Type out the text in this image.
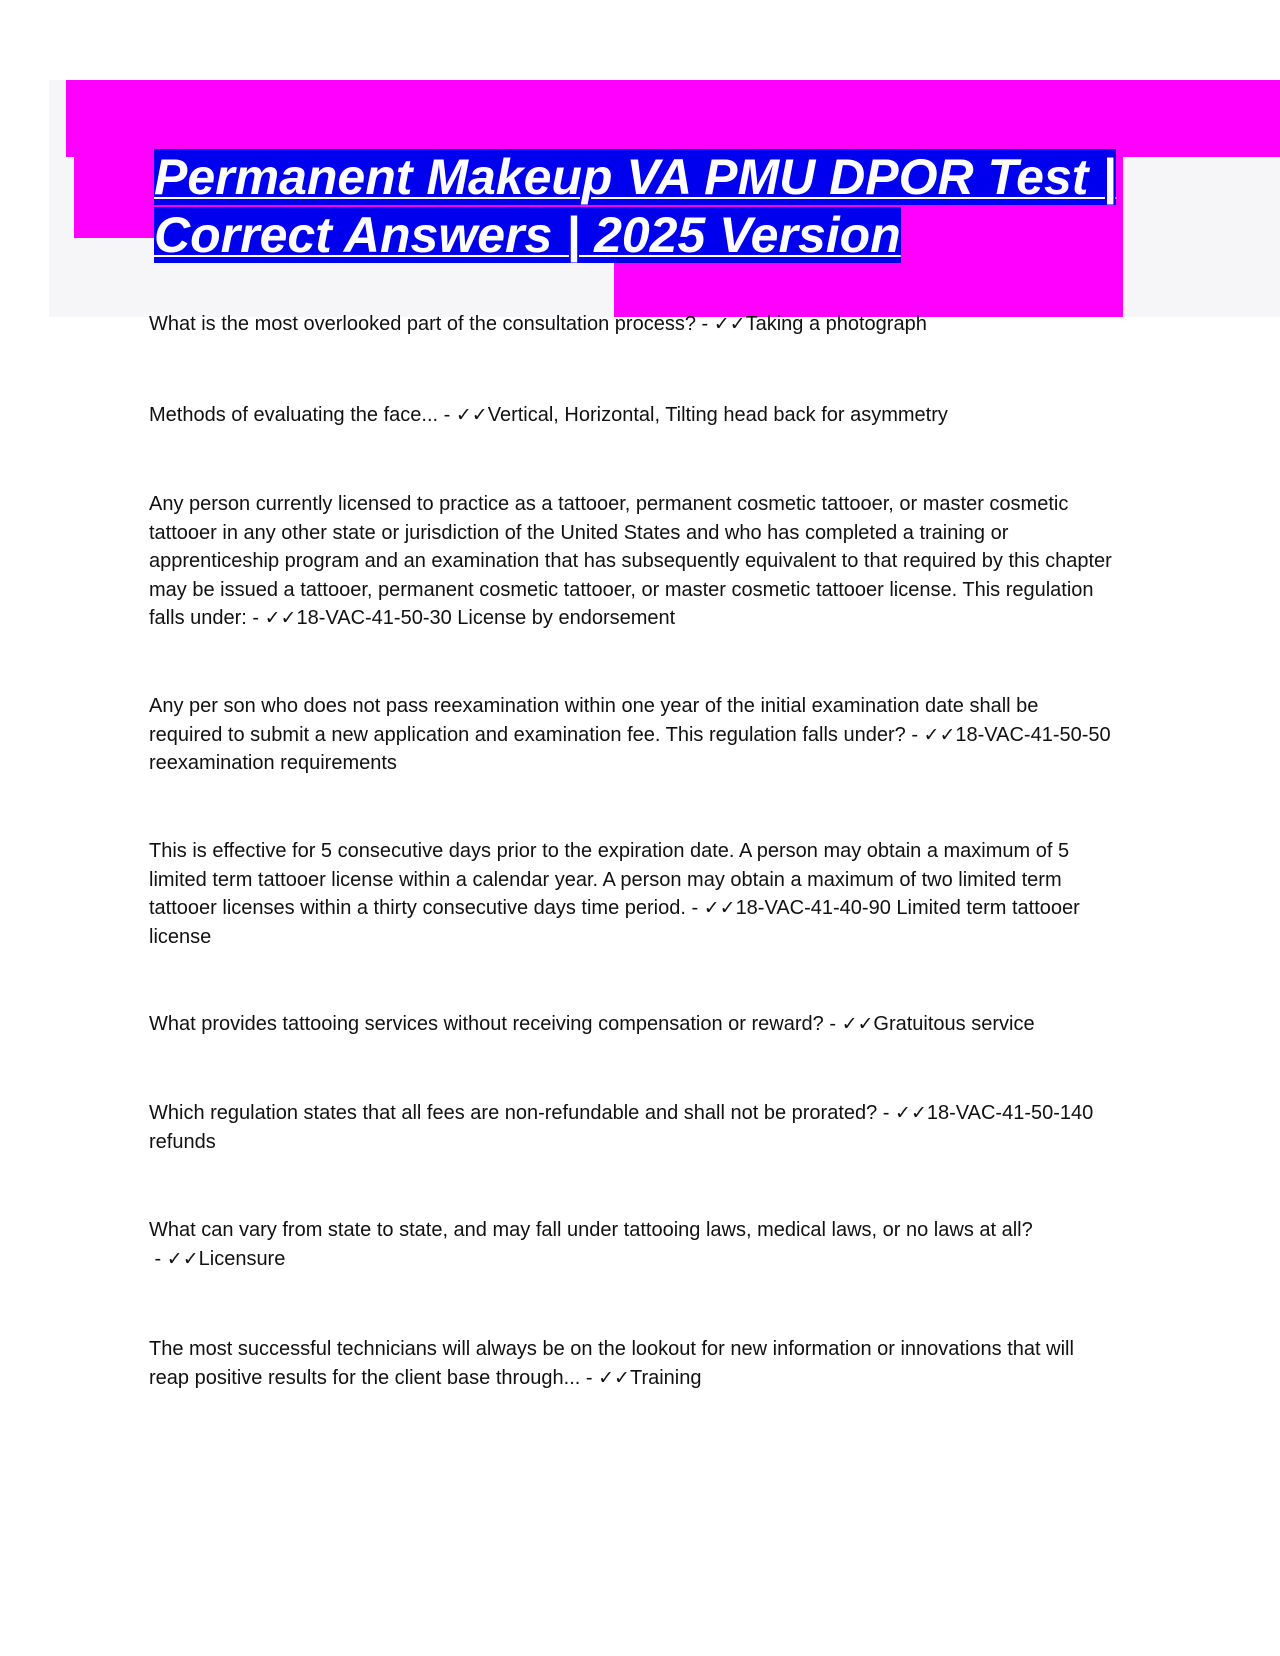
Permanent Makeup VA PMU DPOR Test |
Correct Answers | 2025 Version

What is the most overlooked part of the consultation process? - ✓✓Taking a photograph

Methods of evaluating the face... - ✓✓Vertical, Horizontal, Tilting head back for asymmetry

Any person currently licensed to practice as a tattooer, permanent cosmetic tattooer, or master cosmetic tattooer in any other state or jurisdiction of the United States and who has completed a training or apprenticeship program and an examination that has subsequently equivalent to that required by this chapter may be issued a tattooer, permanent cosmetic tattooer, or master cosmetic tattooer license. This regulation falls under: - ✓✓18-VAC-41-50-30 License by endorsement

Any per son who does not pass reexamination within one year of the initial examination date shall be required to submit a new application and examination fee. This regulation falls under? - ✓✓18-VAC-41-50-50 reexamination requirements

This is effective for 5 consecutive days prior to the expiration date. A person may obtain a maximum of 5 limited term tattooer license within a calendar year. A person may obtain a maximum of two limited term tattooer licenses within a thirty consecutive days time period. - ✓✓18-VAC-41-40-90 Limited term tattooer license

What provides tattooing services without receiving compensation or reward? - ✓✓Gratuitous service

Which regulation states that all fees are non-refundable and shall not be prorated? - ✓✓18-VAC-41-50-140 refunds

What can vary from state to state, and may fall under tattooing laws, medical laws, or no laws at all? - ✓✓Licensure

The most successful technicians will always be on the lookout for new information or innovations that will reap positive results for the client base through... - ✓✓Training
